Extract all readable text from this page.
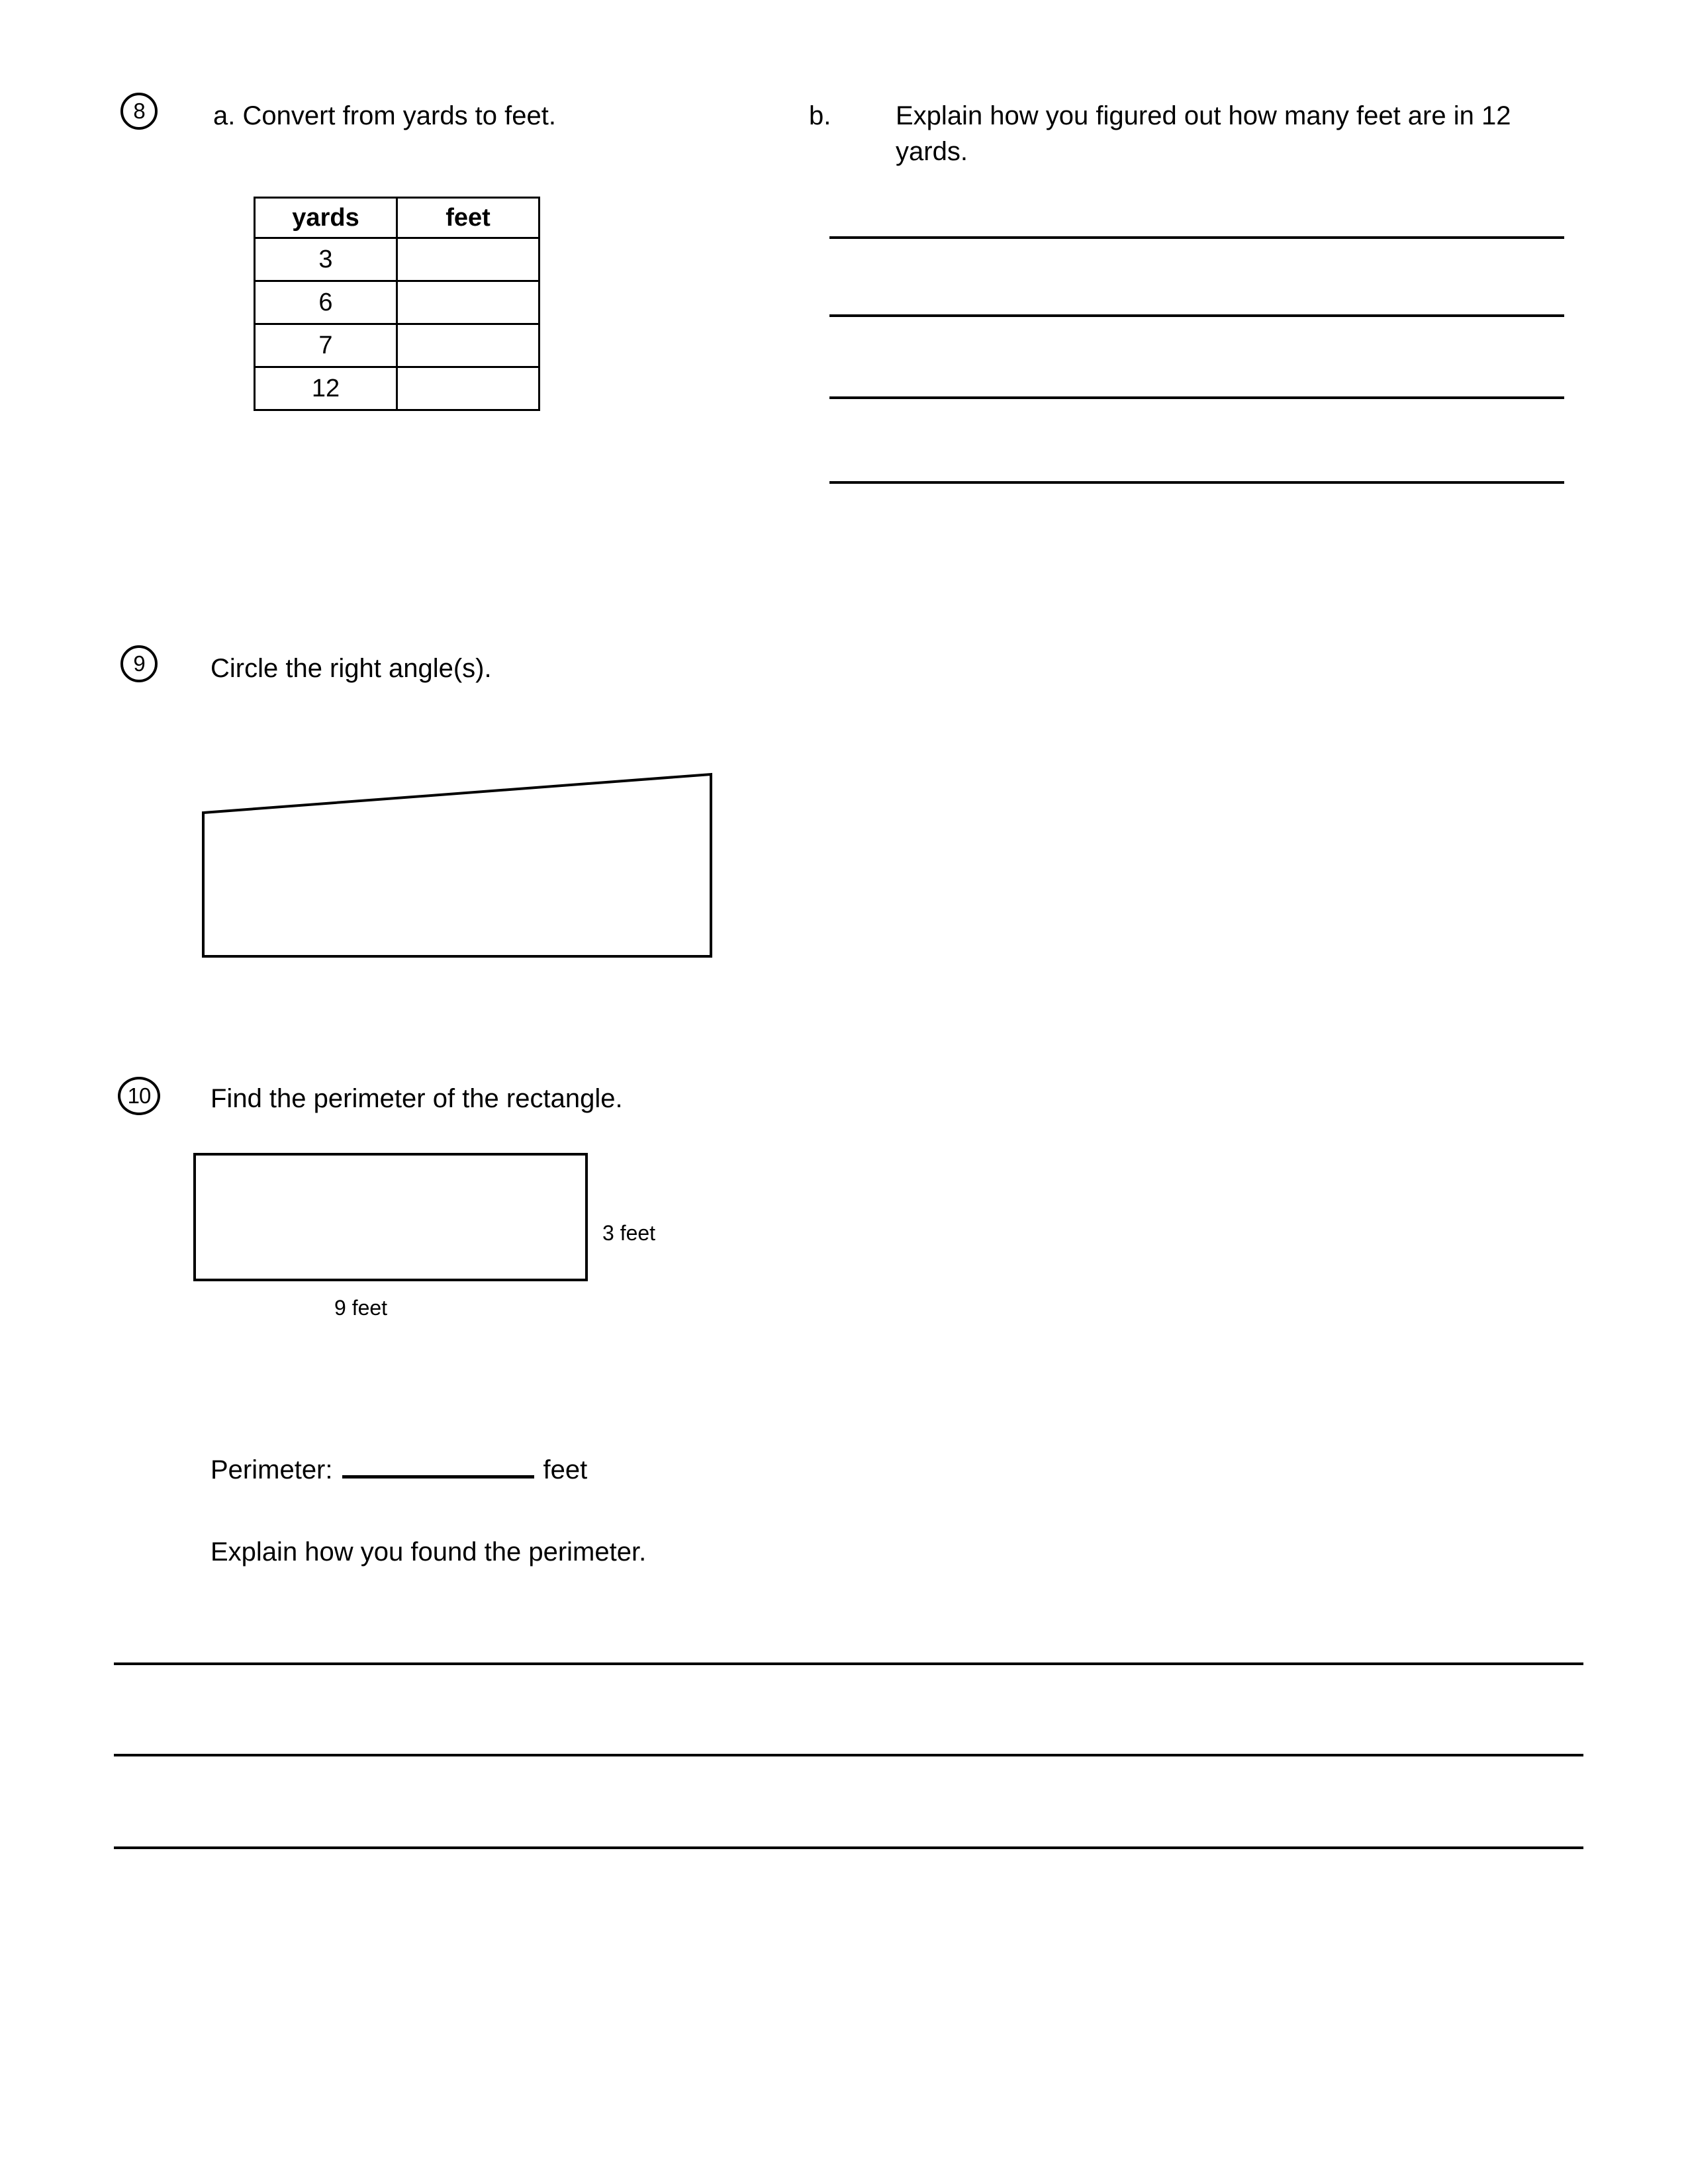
8	a. Convert from yards to feet.	b. Explain how you figured out how many feet are in 12 yards.
yards	feet
3	
6	
7	
12	
9 Circle the right angle(s).
10 Find the perimeter of the rectangle.
3 feet
9 feet
Perimeter:	feet
Explain how you found the perimeter.
